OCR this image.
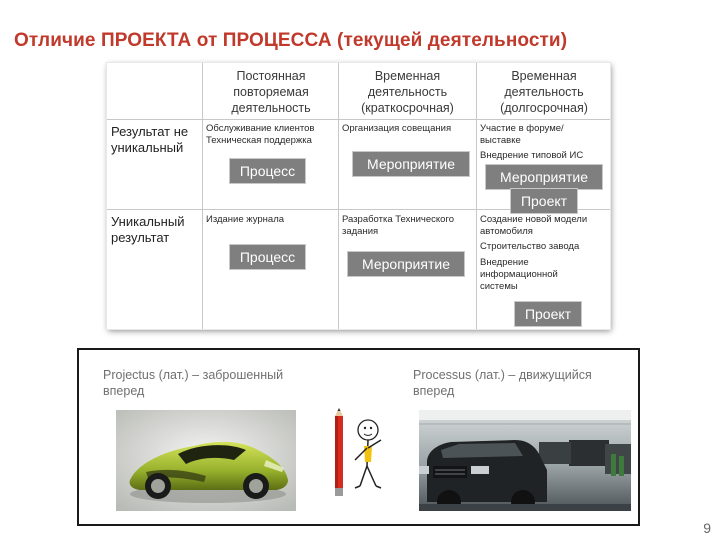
Отличие ПРОЕКТА от ПРОЦЕССА (текущей деятельности)
Постоянная повторяемая деятельность
Временная деятельность (краткосрочная)
Временная деятельность (долгосрочная)
Результат не уникальный
Уникальный результат
Обслуживание клиентов
Техническая поддержка
Процесс
Организация совещания
Мероприятие
Участие в форуме/выставке
Внедрение типовой ИС
Мероприятие
Проект
Издание журнала
Процесс
Разработка Технического задания
Мероприятие
Создание новой модели автомобиля
Строительство завода
Внедрение информационной системы
Проект
Projectus (лат.) – заброшенный вперед
Processus (лат.) – движущийся вперед
9
